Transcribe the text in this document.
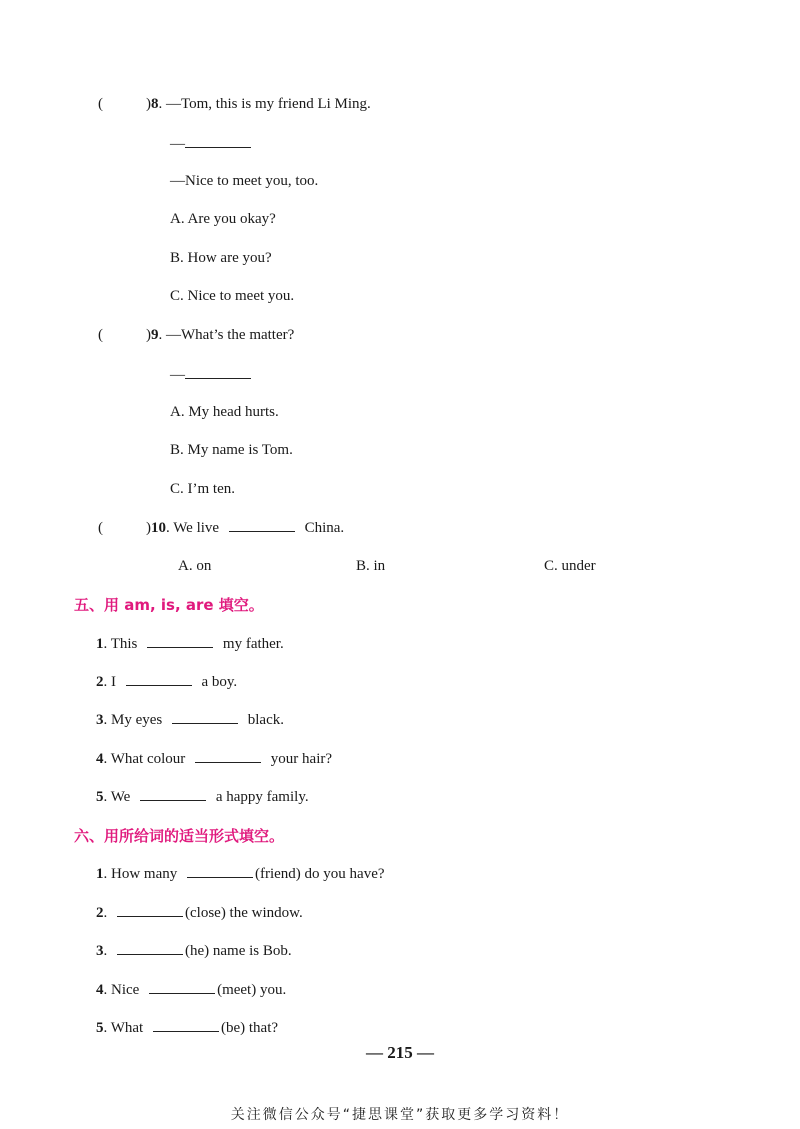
(	)8. —Tom, this is my friend Li Ming.
—
—Nice to meet you, too.
A. Are you okay?
B. How are you?
C. Nice to meet you.
(	)9. —What’s the matter?
—
A. My head hurts.
B. My name is Tom.
C. I’m ten.
(	)10. We live	China.
A. on	B. in	C. under
五、用 am, is, are 填空。
1. This	my father.
2. I	a boy.
3. My eyes	black.
4. What colour	your hair?
5. We	a happy family.
六、用所给词的适当形式填空。
1. How many	(friend) do you have?
2.	(close) the window.
3.	(he) name is Bob.
4. Nice	(meet) you.
5. What	(be) that?
— 215 —
关注微信公众号“捷思课堂”获取更多学习资料！
